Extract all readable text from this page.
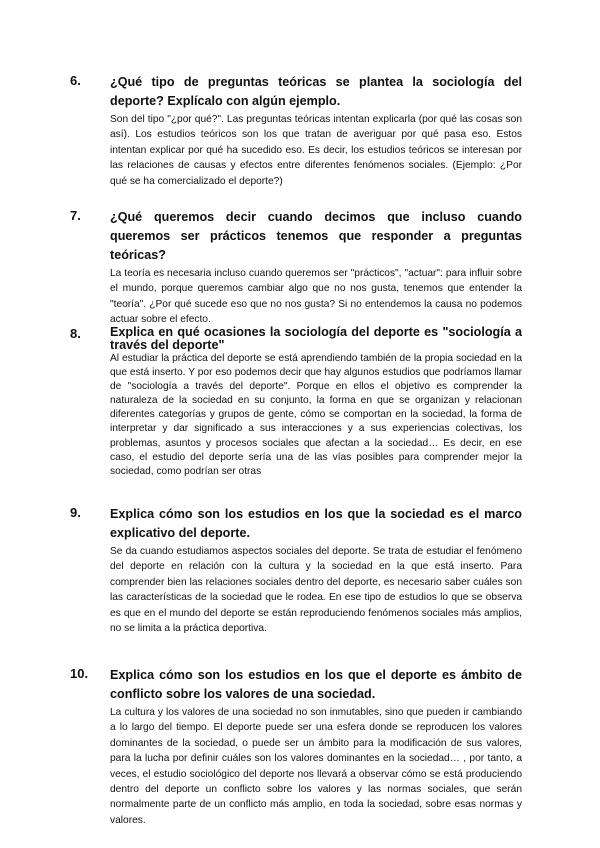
6. ¿Qué tipo de preguntas teóricas se plantea la sociología del deporte? Explícalo con algún ejemplo.
Son del tipo "¿por qué?". Las preguntas teóricas intentan explicarla (por qué las cosas son así). Los estudios teóricos son los que tratan de averiguar por qué pasa eso. Estos intentan explicar por qué ha sucedido eso. Es decir, los estudios teóricos se interesan por las relaciones de causas y efectos entre diferentes fenómenos sociales. (Ejemplo: ¿Por qué se ha comercializado el deporte?)
7. ¿Qué queremos decir cuando decimos que incluso cuando queremos ser prácticos tenemos que responder a preguntas teóricas?
La teoría es necesaria incluso cuando queremos ser "prácticos", "actuar": para influir sobre el mundo, porque queremos cambiar algo que no nos gusta, tenemos que entender la "teoría". ¿Por qué sucede eso que no nos gusta? Si no entendemos la causa no podemos actuar sobre el efecto.
8. Explica en qué ocasiones la sociología del deporte es "sociología a través del deporte"
Al estudiar la práctica del deporte se está aprendiendo también de la propia sociedad en la que está inserto. Y por eso podemos decir que hay algunos estudios que podríamos llamar de "sociología a través del deporte". Porque en ellos el objetivo es comprender la naturaleza de la sociedad en su conjunto, la forma en que se organizan y relacionan diferentes categorías y grupos de gente, cómo se comportan en la sociedad, la forma de interpretar y dar significado a sus interacciones y a sus experiencias colectivas, los problemas, asuntos y procesos sociales que afectan a la sociedad… Es decir, en ese caso, el estudio del deporte sería una de las vías posibles para comprender mejor la sociedad, como podrían ser otras
9. Explica cómo son los estudios en los que la sociedad es el marco explicativo del deporte.
Se da cuando estudiamos aspectos sociales del deporte. Se trata de estudiar el fenómeno del deporte en relación con la cultura y la sociedad en la que está inserto. Para comprender bien las relaciones sociales dentro del deporte, es necesario saber cuáles son las características de la sociedad que le rodea. En ese tipo de estudios lo que se observa es que en el mundo del deporte se están reproduciendo fenómenos sociales más amplios, no se limita a la práctica deportiva.
10. Explica cómo son los estudios en los que el deporte es ámbito de conflicto sobre los valores de una sociedad.
La cultura y los valores de una sociedad no son inmutables, sino que pueden ir cambiando a lo largo del tiempo. El deporte puede ser una esfera donde se reproducen los valores dominantes de la sociedad, o puede ser un ámbito para la modificación de sus valores, para la lucha por definir cuáles son los valores dominantes en la sociedad… , por tanto, a veces, el estudio sociológico del deporte nos llevará a observar cómo se está produciendo dentro del deporte un conflicto sobre los valores y las normas sociales, que serán normalmente parte de un conflicto más amplio, en toda la sociedad, sobre esas normas y valores.
